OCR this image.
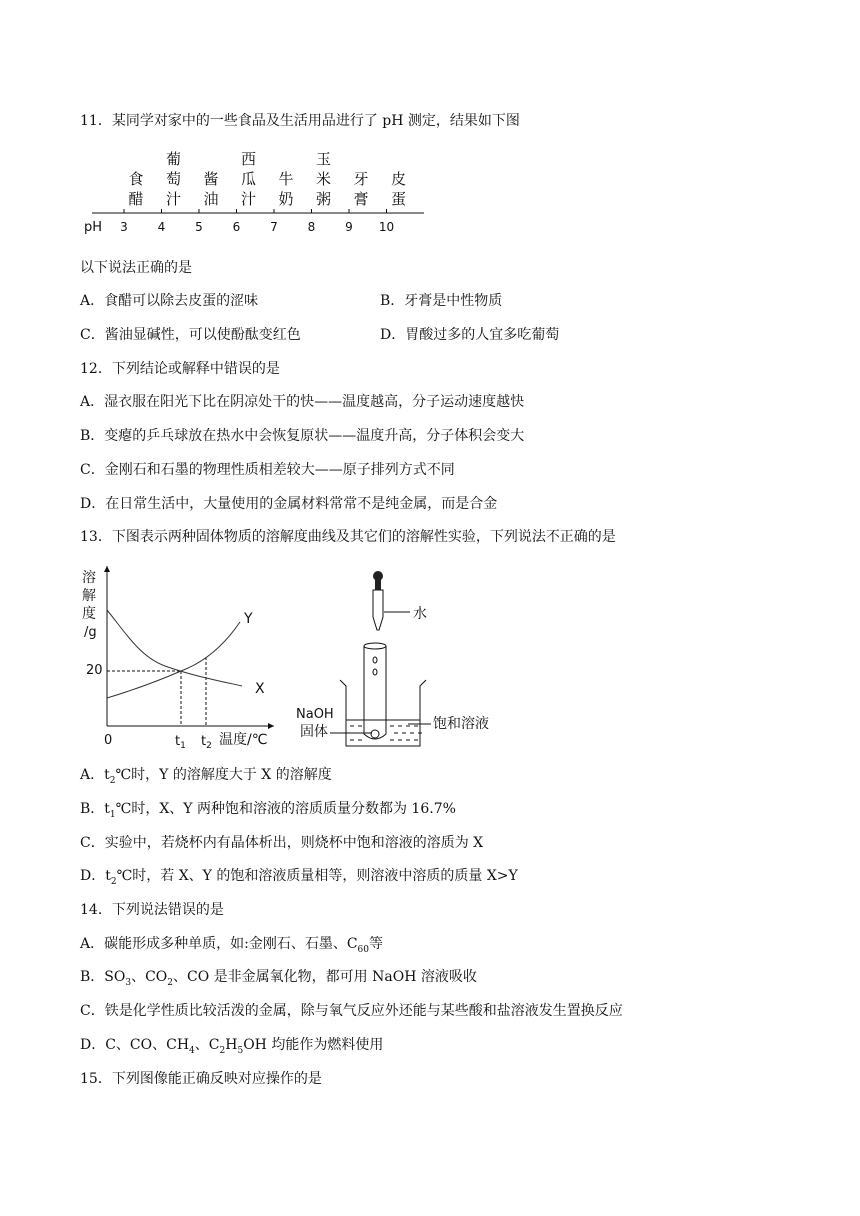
11．某同学对家中的一些食品及生活用品进行了 pH 测定，结果如下图
食
醋
葡
萄
汁
酱
油
西
瓜
汁
牛
奶
玉
米
粥
牙
膏
皮
蛋
pH 3 4 5 6 7 8 9 10
以下说法正确的是
A．食醋可以除去皮蛋的涩味	B．牙膏是中性物质
C．酱油显碱性，可以使酚酞变红色	D．胃酸过多的人宜多吃葡萄
12．下列结论或解释中错误的是
A．湿衣服在阳光下比在阴凉处干的快——温度越高，分子运动速度越快
B．变瘪的乒乓球放在热水中会恢复原状——温度升高，分子体积会变大
C．金刚石和石墨的物理性质相差较大——原子排列方式不同
D．在日常生活中，大量使用的金属材料常常不是纯金属，而是合金
13．下图表示两种固体物质的溶解度曲线及其它们的溶解性实验，下列说法不正确的是
溶
解
度
/g
20
Y
X
0	$t_1$ $t_2$ 温度/℃
水
饱和溶液
NaOH
固体
A．$t_2℃$时，Y 的溶解度大于 X 的溶解度
B．$t_1℃$时，X、Y 两种饱和溶液的溶质质量分数都为 16.7%
C．实验中，若烧杯内有晶体析出，则烧杯中饱和溶液的溶质为 X
D．$t_2℃$时，若 X、Y 的饱和溶液质量相等，则溶液中溶质的质量 X>Y
14．下列说法错误的是
A．碳能形成多种单质，如:金刚石、石墨、$C_{60}$等
B．$SO_3$、$CO_2$、CO 是非金属氧化物，都可用 NaOH 溶液吸收
C．铁是化学性质比较活泼的金属，除与氧气反应外还能与某些酸和盐溶液发生置换反应
D．C、CO、$CH_4$、$C_2H_5OH$ 均能作为燃料使用
15．下列图像能正确反映对应操作的是
